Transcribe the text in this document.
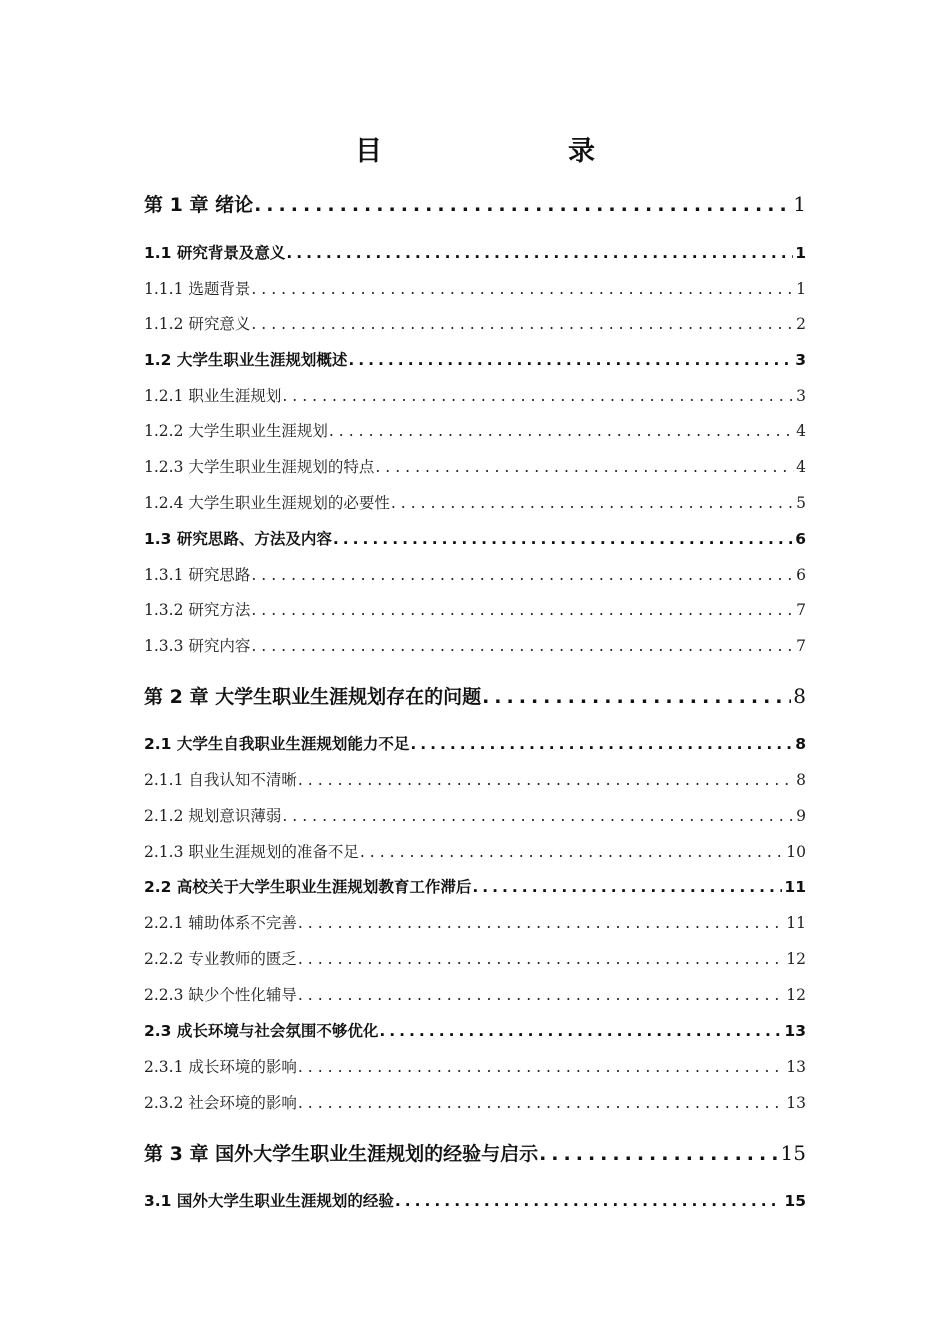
目　　录
第 1 章 绪论 .....	1
1.1 研究背景及意义 .....	1
1.1.1 选题背景 .....	1
1.1.2 研究意义 .....	2
1.2 大学生职业生涯规划概述 .....	3
1.2.1 职业生涯规划 .....	3
1.2.2 大学生职业生涯规划 .....	4
1.2.3 大学生职业生涯规划的特点 .....	4
1.2.4 大学生职业生涯规划的必要性 .....	5
1.3 研究思路、方法及内容 .....	6
1.3.1 研究思路 .....	6
1.3.2 研究方法 .....	7
1.3.3 研究内容 .....	7
第 2 章 大学生职业生涯规划存在的问题 .....	8
2.1 大学生自我职业生涯规划能力不足 .....	8
2.1.1 自我认知不清晰 .....	8
2.1.2 规划意识薄弱 .....	9
2.1.3 职业生涯规划的准备不足 .....	10
2.2 高校关于大学生职业生涯规划教育工作滞后 .....	11
2.2.1 辅助体系不完善 .....	11
2.2.2 专业教师的匮乏 .....	12
2.2.3 缺少个性化辅导 .....	12
2.3 成长环境与社会氛围不够优化 .....	13
2.3.1 成长环境的影响 .....	13
2.3.2 社会环境的影响 .....	13
第 3 章 国外大学生职业生涯规划的经验与启示 .....	15
3.1 国外大学生职业生涯规划的经验 .....	15
